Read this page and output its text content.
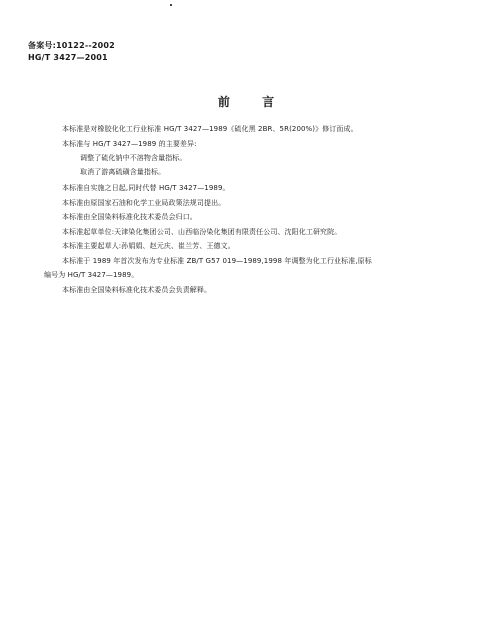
备案号:10122--2002
HG/T 3427—2001
前 言
本标准是对橡胶化化工行业标准 HG/T 3427—1989《硫化黑 2BR、5R(200%)》修订而成。
本标准与 HG/T 3427—1989 的主要差异:
调整了硫化钠中不溶物含量指标。
取消了游离硫磺含量指标。
本标准自实施之日起,同时代替 HG/T 3427—1989。
本标准由原国家石油和化学工业局政策法规司提出。
本标准由全国染料标准化技术委员会归口。
本标准起草单位:天津染化集团公司、山西临汾染化集团有限责任公司、沈阳化工研究院。
本标准主要起草人:孙娟娟、赵元庆、崔兰芳、王德文。
本标准于 1989 年首次发布为专业标准 ZB/T G57 019—1989,1998 年调整为化工行业标准,原标
编号为 HG/T 3427—1989。
本标准由全国染料标准化技术委员会负责解释。
